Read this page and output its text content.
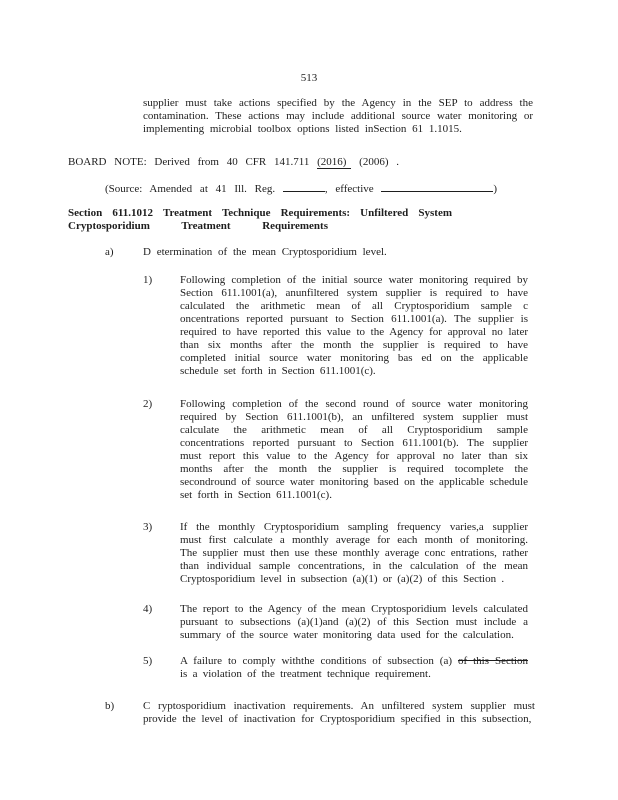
513

supplier must take actions specified by the Agency in the SEP to address the contamination. These actions may include additional source water monitoring or implementing microbial toolbox options listed inSection 61 1.1015.

BOARD NOTE: Derived from 40 CFR 141.711 (2016) (2006) .

(Source: Amended at 41 Ill. Reg.	, effective	)

Section 611.1012 Treatment Technique Requirements: Unfiltered System
Cryptosporidium Treatment Requirements
a)	D etermination of the mean Cryptosporidium level.
1)	Following completion of the initial source water monitoring required by Section 611.1001(a), anunfiltered system supplier is required to have calculated the arithmetic mean of all Cryptosporidium sample c oncentrations reported pursuant to Section 611.1001(a). The supplier is required to have reported this value to the Agency for approval no later than six months after the month the supplier is required to have completed initial source water monitoring bas ed on the applicable schedule set forth in Section 611.1001(c).
2)	Following completion of the second round of source water monitoring required by Section 611.1001(b), an unfiltered system supplier must calculate the arithmetic mean of all Cryptosporidium sample concentrations reported pursuant to Section 611.1001(b). The supplier must report this value to the Agency for approval no later than six months after the month the supplier is required tocomplete the secondround of source water monitoring based on the applicable schedule set forth in Section 611.1001(c).
3)	If the monthly Cryptosporidium sampling frequency varies,a supplier must first calculate a monthly average for each month of monitoring. The supplier must then use these monthly average conc entrations, rather than individual sample concentrations, in the calculation of the mean Cryptosporidium level in subsection (a)(1) or (a)(2) of this Section .
4)	The report to the Agency of the mean Cryptosporidium levels calculated pursuant to subsections (a)(1)and (a)(2) of this Section must include a summary of the source water monitoring data used for the calculation.
5)	A failure to comply withthe conditions of subsection (a) of this Section is a violation of the treatment technique requirement.
b)	C ryptosporidium inactivation requirements. An unfiltered system supplier must provide the level of inactivation for Cryptosporidium specified in this subsection,
